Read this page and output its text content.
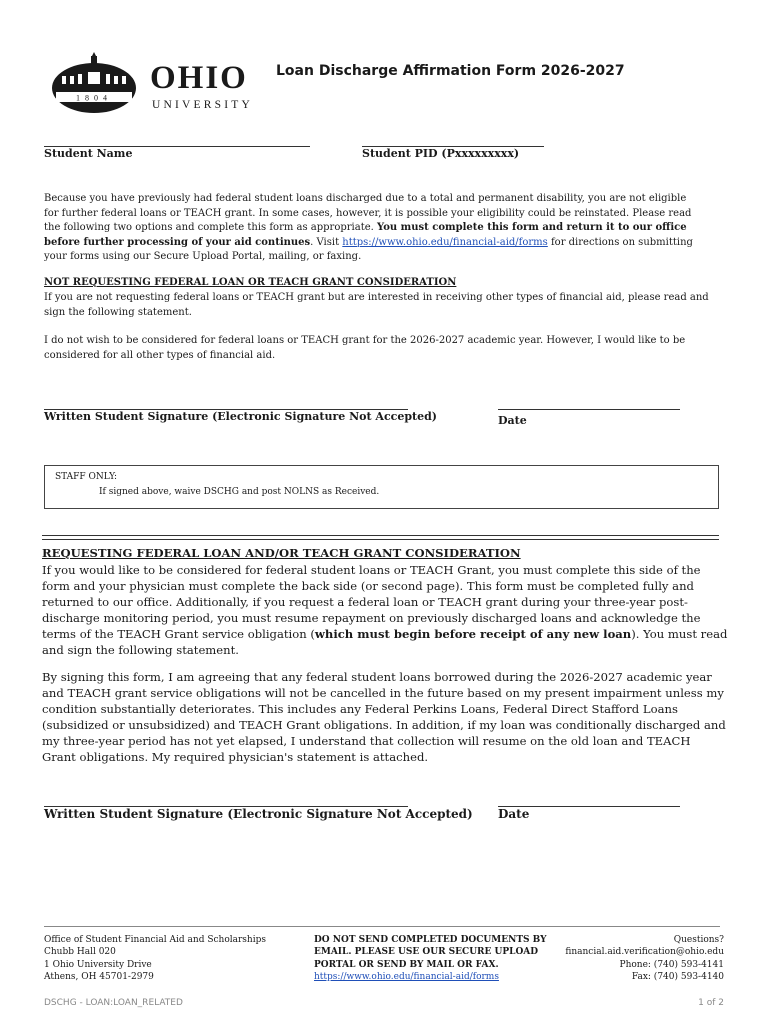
1804
OHIO
UNIVERSITY
Loan Discharge Affirmation Form 2026-2027
Student Name	Student PID (Pxxxxxxxxx)
Because you have previously had federal student loans discharged due to a total and permanent disability, you are not eligible
for further federal loans or TEACH grant. In some cases, however, it is possible your eligibility could be reinstated. Please read
the following two options and complete this form as appropriate. You must complete this form and return it to our office
before further processing of your aid continues. Visit https://www.ohio.edu/financial-aid/forms for directions on submitting
your forms using our Secure Upload Portal, mailing, or faxing.
NOT REQUESTING FEDERAL LOAN OR TEACH GRANT CONSIDERATION
If you are not requesting federal loans or TEACH grant but are interested in receiving other types of financial aid, please read and
sign the following statement.
I do not wish to be considered for federal loans or TEACH grant for the 2026-2027 academic year. However, I would like to be
considered for all other types of financial aid.
Written Student Signature (Electronic Signature Not Accepted)	Date
STAFF ONLY:
If signed above, waive DSCHG and post NOLNS as Received.
REQUESTING FEDERAL LOAN AND/OR TEACH GRANT CONSIDERATION
If you would like to be considered for federal student loans or TEACH Grant, you must complete this side of the
form and your physician must complete the back side (or second page). This form must be completed fully and
returned to our office. Additionally, if you request a federal loan or TEACH grant during your three-year post-
discharge monitoring period, you must resume repayment on previously discharged loans and acknowledge the
terms of the TEACH Grant service obligation (which must begin before receipt of any new loan). You must read
and sign the following statement.
By signing this form, I am agreeing that any federal student loans borrowed during the 2026-2027 academic year
and TEACH grant service obligations will not be cancelled in the future based on my present impairment unless my
condition substantially deteriorates. This includes any Federal Perkins Loans, Federal Direct Stafford Loans
(subsidized or unsubsidized) and TEACH Grant obligations. In addition, if my loan was conditionally discharged and
my three-year period has not yet elapsed, I understand that collection will resume on the old loan and TEACH
Grant obligations. My required physician's statement is attached.
Written Student Signature (Electronic Signature Not Accepted) Date
Office of Student Financial Aid and Scholarships
Chubb Hall 020
1 Ohio University Drive
Athens, OH 45701-2979
DO NOT SEND COMPLETED DOCUMENTS BY
EMAIL. PLEASE USE OUR SECURE UPLOAD
PORTAL OR SEND BY MAIL OR FAX.
https://www.ohio.edu/financial-aid/forms
Questions?
financial.aid.verification@ohio.edu
Phone: (740) 593-4141
Fax: (740) 593-4140
DSCHG - LOAN:LOAN_RELATED	1 of 2
